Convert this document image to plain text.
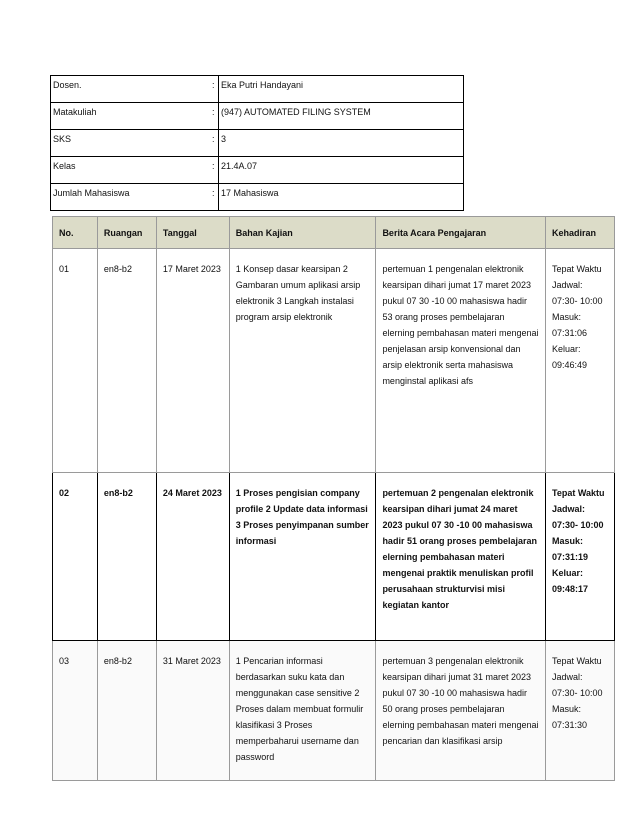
Dosen.	:	Eka Putri Handayani
Matakuliah	:	(947) AUTOMATED FILING SYSTEM
SKS	:	3
Kelas	:	21.4A.07
Jumlah Mahasiswa	:	17 Mahasiswa
No.	Ruangan	Tanggal	Bahan Kajian	Berita Acara Pengajaran	Kehadiran
01	en8-b2	17 Maret 2023	1 Konsep dasar kearsipan 2 Gambaran umum aplikasi arsip elektronik 3 Langkah instalasi program arsip elektronik	pertemuan 1 pengenalan elektronik kearsipan dihari jumat 17 maret 2023 pukul 07 30 -10 00 mahasiswa hadir 53 orang proses pembelajaran elerning pembahasan materi mengenai penjelasan arsip konvensional dan arsip elektronik serta mahasiswa menginstal aplikasi afs	Tepat Waktu Jadwal: 07:30- 10:00 Masuk: 07:31:06 Keluar: 09:46:49
02	en8-b2	24 Maret 2023	1 Proses pengisian company profile 2 Update data informasi 3 Proses penyimpanan sumber informasi	pertemuan 2 pengenalan elektronik kearsipan dihari jumat 24 maret 2023 pukul 07 30 -10 00 mahasiswa hadir 51 orang proses pembelajaran elerning pembahasan materi mengenai praktik menuliskan profil perusahaan strukturvisi misi kegiatan kantor	Tepat Waktu Jadwal: 07:30- 10:00 Masuk: 07:31:19 Keluar: 09:48:17
03	en8-b2	31 Maret 2023	1 Pencarian informasi berdasarkan suku kata dan menggunakan case sensitive 2 Proses dalam membuat formulir klasifikasi 3 Proses memperbaharui username dan password	pertemuan 3 pengenalan elektronik kearsipan dihari jumat 31 maret 2023 pukul 07 30 -10 00 mahasiswa hadir 50 orang proses pembelajaran elerning pembahasan materi mengenai pencarian dan klasifikasi arsip	Tepat Waktu Jadwal: 07:30- 10:00 Masuk: 07:31:30
